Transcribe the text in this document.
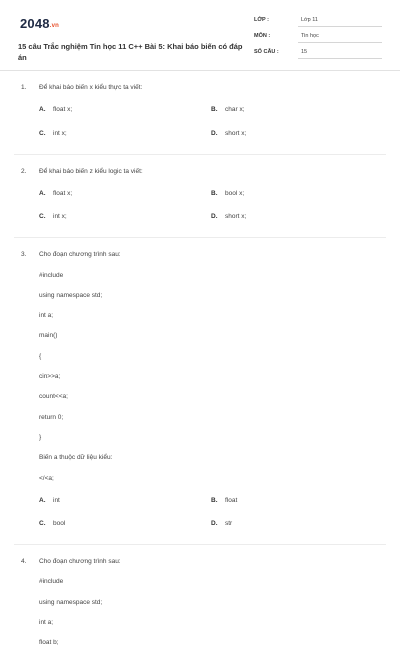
2048.vn
15 câu Trắc nghiệm Tin học 11 C++ Bài 5: Khai báo biến có đáp án
LỚP :	Lớp 11
MÔN :	Tin học
SỐ CÂU :	15
1. Để khai báo biến x kiểu thực ta viết:
A. float x;	B. char x;
C. int x;	D. short x;
2. Để khai báo biến z kiểu logic ta viết:
A. float x;	B. bool x;
C. int x;	D. short x;
3. Cho đoạn chương trình sau:
#include
using namespace std;
int a;
main()
{
cin>>a;
count<<a;
return 0;
}
Biến a thuộc dữ liệu kiểu:
</<a;
A. int	B. float
C. bool	D. str
4. Cho đoạn chương trình sau:
#include
using namespace std;
int a;
float b;
